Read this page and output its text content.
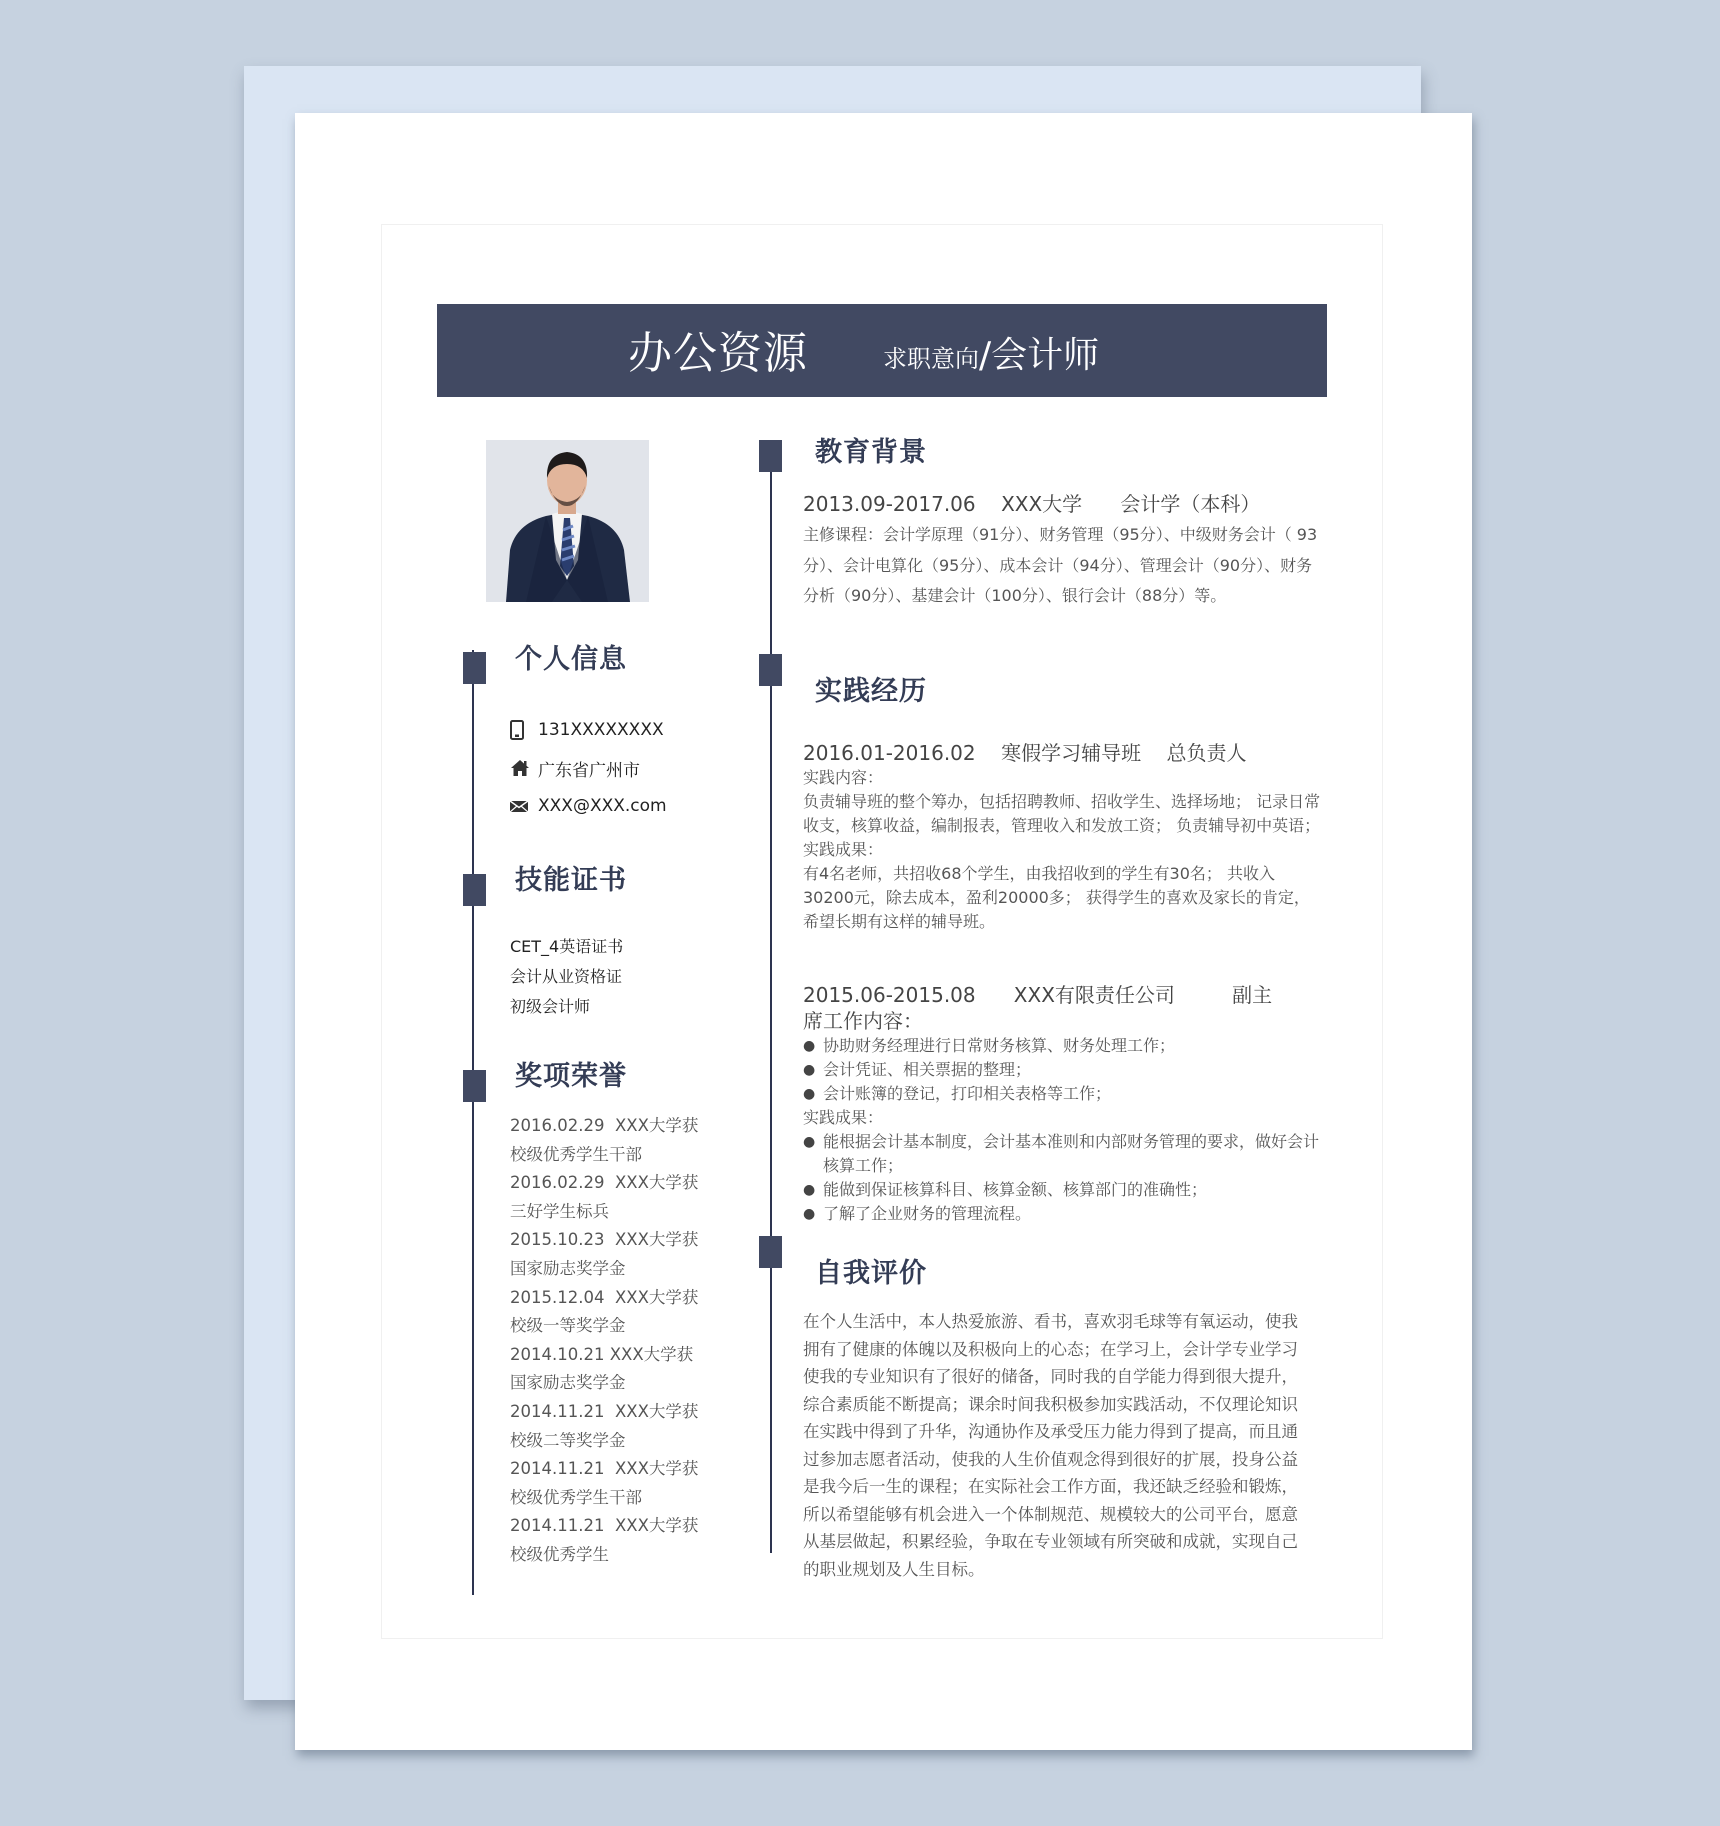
办公资源	求职意向/会计师
个人信息
131XXXXXXXX
广东省广州市
XXX@XXX.com
技能证书
CET_4英语证书
会计从业资格证
初级会计师
奖项荣誉
2016.02.29 XXX大学获
校级优秀学生干部
2016.02.29 XXX大学获
三好学生标兵
2015.10.23 XXX大学获
国家励志奖学金
2015.12.04 XXX大学获
校级一等奖学金
2014.10.21 XXX大学获
国家励志奖学金
2014.11.21 XXX大学获
校级二等奖学金
2014.11.21 XXX大学获
校级优秀学生干部
2014.11.21 XXX大学获
校级优秀学生
教育背景
2013.09-2017.06 XXX大学 会计学（本科）
主修课程：会计学原理（91分）、财务管理（95分）、中级财务会计（ 93分）、会计电算化（95分）、成本会计（94分）、管理会计（90分）、财务分析（90分）、基建会计（100分）、银行会计（88分）等。
实践经历
2016.01-2016.02 寒假学习辅导班 总负责人
实践内容：
负责辅导班的整个筹办，包括招聘教师、招收学生、选择场地； 记录日常收支，核算收益，编制报表，管理收入和发放工资； 负责辅导初中英语；
实践成果：
有4名老师，共招收68个学生，由我招收到的学生有30名； 共收入30200元，除去成本，盈利20000多； 获得学生的喜欢及家长的肯定，希望长期有这样的辅导班。
2015.06-2015.08 XXX有限责任公司	副主
席工作内容：
● 协助财务经理进行日常财务核算、财务处理工作；
● 会计凭证、相关票据的整理；
● 会计账簿的登记，打印相关表格等工作；
实践成果：
● 能根据会计基本制度，会计基本准则和内部财务管理的要求，做好会计核算工作；
● 能做到保证核算科目、核算金额、核算部门的准确性；
● 了解了企业财务的管理流程。
自我评价
在个人生活中，本人热爱旅游、看书，喜欢羽毛球等有氧运动，使我拥有了健康的体魄以及积极向上的心态；在学习上，会计学专业学习使我的专业知识有了很好的储备，同时我的自学能力得到很大提升，综合素质能不断提高；课余时间我积极参加实践活动，不仅理论知识在实践中得到了升华，沟通协作及承受压力能力得到了提高，而且通过参加志愿者活动，使我的人生价值观念得到很好的扩展，投身公益是我今后一生的课程；在实际社会工作方面，我还缺乏经验和锻炼，所以希望能够有机会进入一个体制规范、规模较大的公司平台，愿意从基层做起，积累经验，争取在专业领域有所突破和成就，实现自己的职业规划及人生目标。
